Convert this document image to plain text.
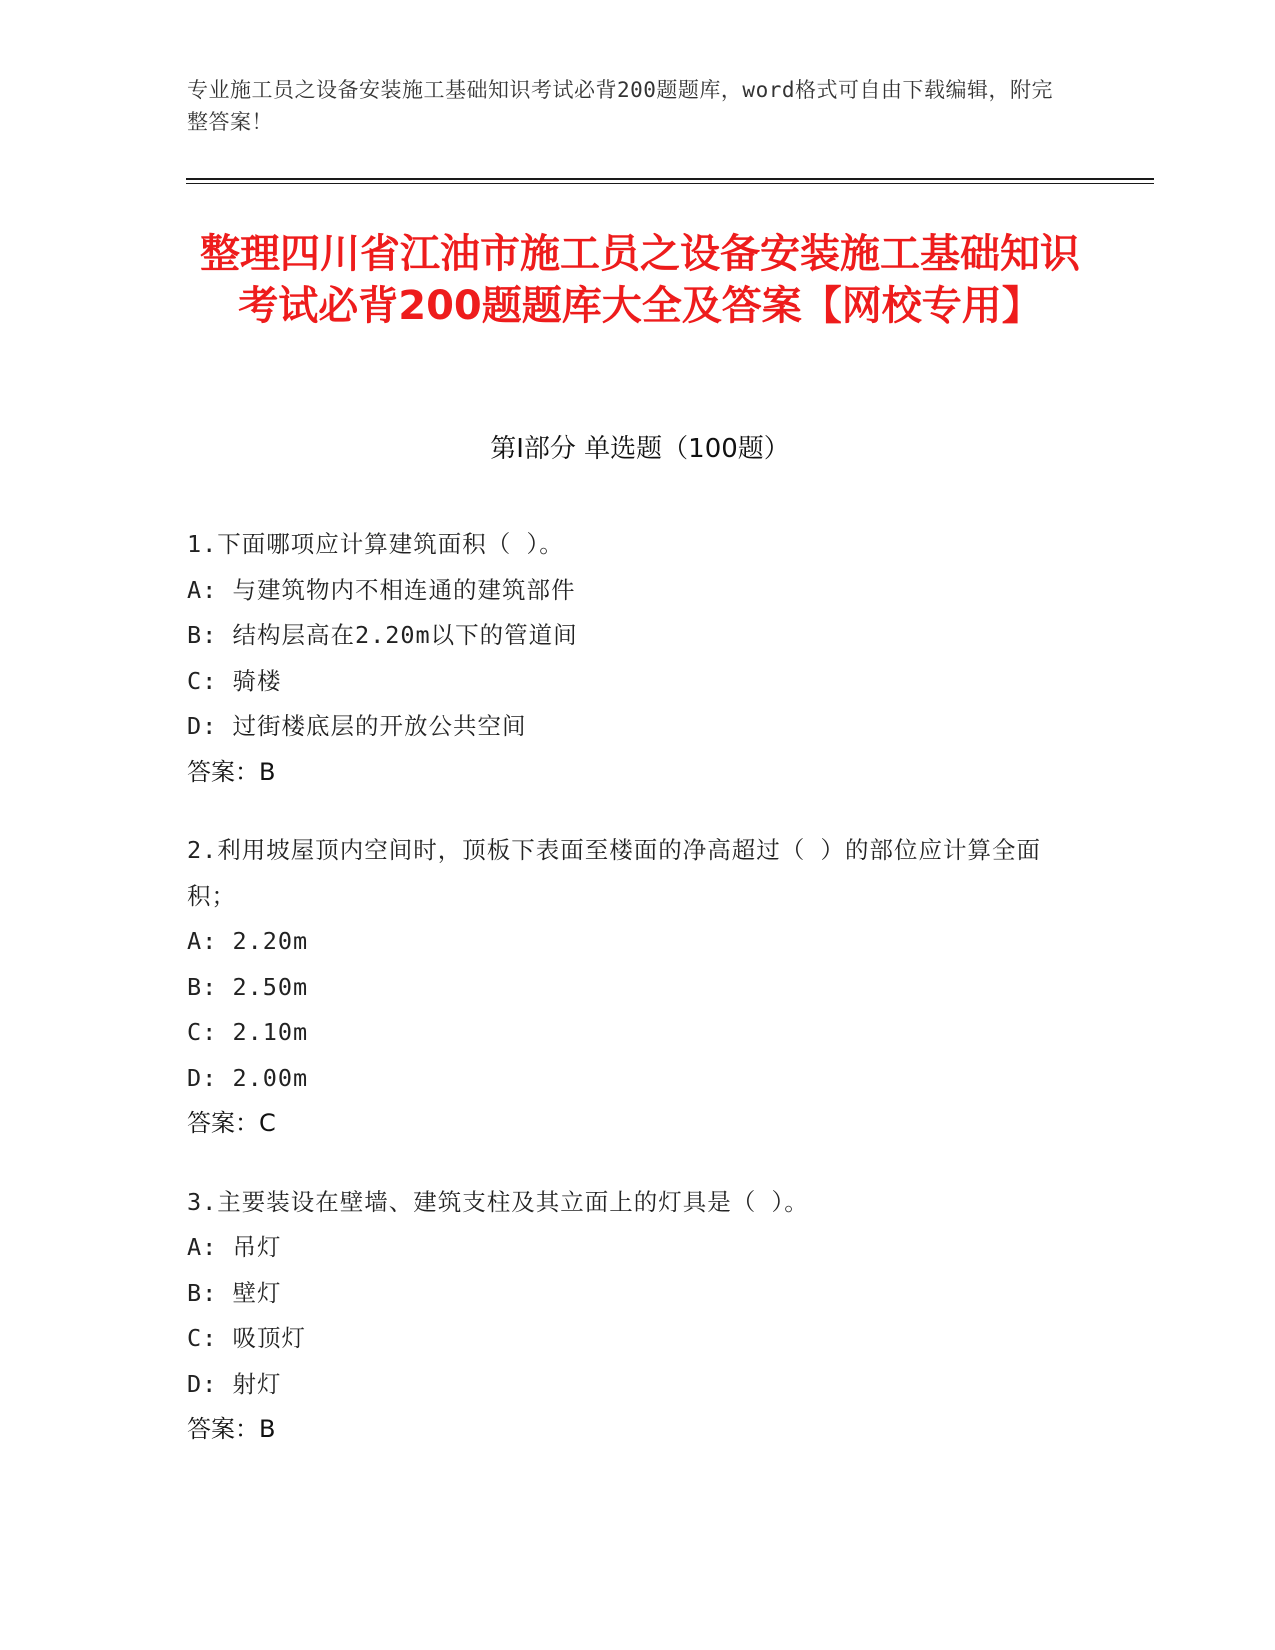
专业施工员之设备安装施工基础知识考试必背200题题库，word格式可自由下载编辑，附完整答案！
整理四川省江油市施工员之设备安装施工基础知识考试必背200题题库大全及答案【网校专用】
第I部分 单选题（100题）
1.下面哪项应计算建筑面积（ ）。
A: 与建筑物内不相连通的建筑部件
B: 结构层高在2.20m以下的管道间
C: 骑楼
D: 过街楼底层的开放公共空间
答案：B
2.利用坡屋顶内空间时，顶板下表面至楼面的净高超过（ ）的部位应计算全面积；
A: 2.20m
B: 2.50m
C: 2.10m
D: 2.00m
答案：C
3.主要装设在壁墙、建筑支柱及其立面上的灯具是（ ）。
A: 吊灯
B: 壁灯
C: 吸顶灯
D: 射灯
答案：B
